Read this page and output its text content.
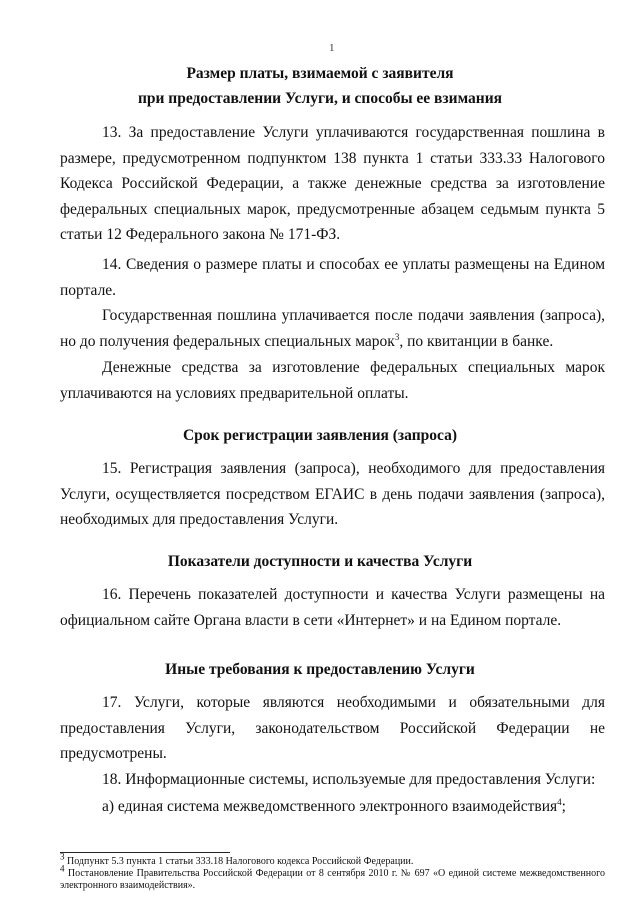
1
Размер платы, взимаемой с заявителя
при предоставлении Услуги, и способы ее взимания
13. За предоставление Услуги уплачиваются государственная пошлина в размере, предусмотренном подпунктом 138 пункта 1 статьи 333.33 Налогового Кодекса Российской Федерации, а также денежные средства за изготовление федеральных специальных марок, предусмотренные абзацем седьмым пункта 5 статьи 12 Федерального закона № 171-ФЗ.
14. Сведения о размере платы и способах ее уплаты размещены на Едином портале.
Государственная пошлина уплачивается после подачи заявления (запроса), но до получения федеральных специальных марок$^3$, по квитанции в банке.
Денежные средства за изготовление федеральных специальных марок уплачиваются на условиях предварительной оплаты.
Срок регистрации заявления (запроса)
15. Регистрация заявления (запроса), необходимого для предоставления Услуги, осуществляется посредством ЕГАИС в день подачи заявления (запроса), необходимых для предоставления Услуги.
Показатели доступности и качества Услуги
16. Перечень показателей доступности и качества Услуги размещены на официальном сайте Органа власти в сети «Интернет» и на Едином портале.
Иные требования к предоставлению Услуги
17. Услуги, которые являются необходимыми и обязательными для предоставления Услуги, законодательством Российской Федерации не предусмотрены.
18. Информационные системы, используемые для предоставления Услуги:
а) единая система межведомственного электронного взаимодействия$^4$;
$^3$ Подпункт 5.3 пункта 1 статьи 333.18 Налогового кодекса Российской Федерации.
$^4$ Постановление Правительства Российской Федерации от 8 сентября 2010 г. № 697 «О единой системе межведомственного электронного взаимодействия».
